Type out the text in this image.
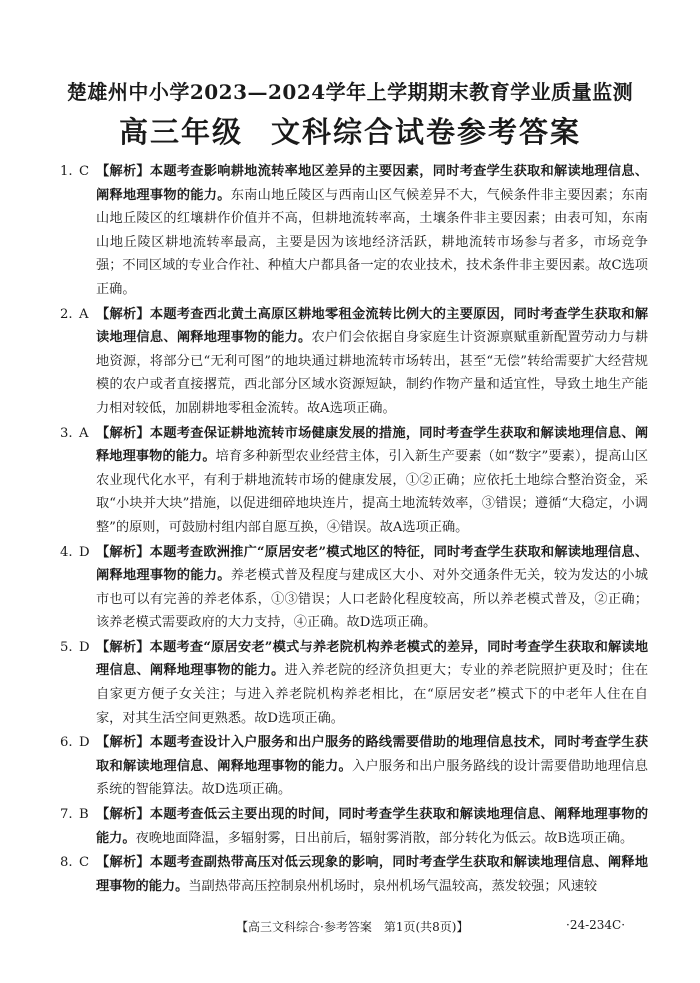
楚雄州中小学2023—2024学年上学期期末教育学业质量监测
高三年级 文科综合试卷参考答案
1. C 【解析】本题考查影响耕地流转率地区差异的主要因素，同时考查学生获取和解读地理信息、阐释地理事物的能力。东南山地丘陵区与西南山区气候差异不大，气候条件非主要因素；东南山地丘陵区的红壤耕作价值并不高，但耕地流转率高，土壤条件非主要因素；由表可知，东南山地丘陵区耕地流转率最高，主要是因为该地经济活跃，耕地流转市场参与者多，市场竞争强；不同区域的专业合作社、种植大户都具备一定的农业技术，技术条件非主要因素。故C选项正确。
2. A 【解析】本题考查西北黄土高原区耕地零租金流转比例大的主要原因，同时考查学生获取和解读地理信息、阐释地理事物的能力。农户们会依据自身家庭生计资源禀赋重新配置劳动力与耕地资源，将部分已“无利可图”的地块通过耕地流转市场转出，甚至“无偿”转给需要扩大经营规模的农户或者直接撂荒，西北部分区域水资源短缺，制约作物产量和适宜性，导致土地生产能力相对较低，加剧耕地零租金流转。故A选项正确。
3. A 【解析】本题考查保证耕地流转市场健康发展的措施，同时考查学生获取和解读地理信息、阐释地理事物的能力。培育多种新型农业经营主体，引入新生产要素（如“数字”要素），提高山区农业现代化水平，有利于耕地流转市场的健康发展，①②正确；应依托土地综合整治资金，采取“小块并大块”措施，以促进细碎地块连片，提高土地流转效率，③错误；遵循“大稳定，小调整”的原则，可鼓励村组内部自愿互换，④错误。故A选项正确。
4. D 【解析】本题考查欧洲推广“原居安老”模式地区的特征，同时考查学生获取和解读地理信息、阐释地理事物的能力。养老模式普及程度与建成区大小、对外交通条件无关，较为发达的小城市也可以有完善的养老体系，①③错误；人口老龄化程度较高，所以养老模式普及，②正确；该养老模式需要政府的大力支持，④正确。故D选项正确。
5. D 【解析】本题考查“原居安老”模式与养老院机构养老模式的差异，同时考查学生获取和解读地理信息、阐释地理事物的能力。进入养老院的经济负担更大；专业的养老院照护更及时；住在自家更方便子女关注；与进入养老院机构养老相比，在“原居安老”模式下的中老年人住在自家，对其生活空间更熟悉。故D选项正确。
6. D 【解析】本题考查设计入户服务和出户服务的路线需要借助的地理信息技术，同时考查学生获取和解读地理信息、阐释地理事物的能力。入户服务和出户服务路线的设计需要借助地理信息系统的智能算法。故D选项正确。
7. B 【解析】本题考查低云主要出现的时间，同时考查学生获取和解读地理信息、阐释地理事物的能力。夜晚地面降温，多辐射雾，日出前后，辐射雾消散，部分转化为低云。故B选项正确。
8. C 【解析】本题考查副热带高压对低云现象的影响，同时考查学生获取和解读地理信息、阐释地理事物的能力。当副热带高压控制泉州机场时，泉州机场气温较高，蒸发较强；风速较
【高三文科综合·参考答案　第1页(共8页)】	·24-234C·
